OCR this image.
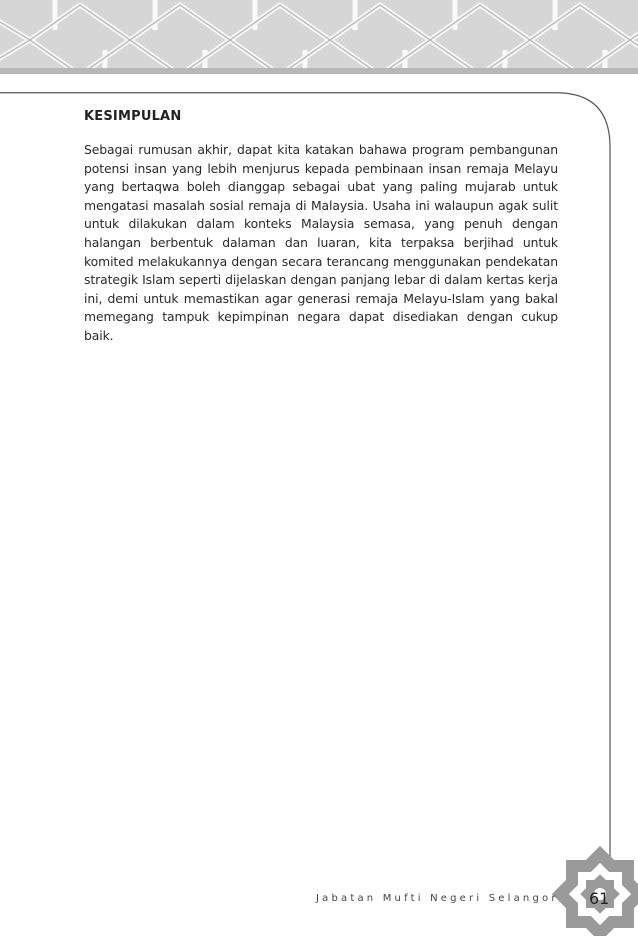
KESIMPULAN

Sebagai rumusan akhir, dapat kita katakan bahawa program pembangunan potensi insan yang lebih menjurus kepada pembinaan insan remaja Melayu yang bertaqwa boleh dianggap sebagai ubat yang paling mujarab untuk mengatasi masalah sosial remaja di Malaysia. Usaha ini walaupun agak sulit untuk dilakukan dalam konteks Malaysia semasa, yang penuh dengan halangan berbentuk dalaman dan luaran, kita terpaksa berjihad untuk komited melakukannya dengan secara terancang menggunakan pendekatan strategik Islam seperti dijelaskan dengan panjang lebar di dalam kertas kerja ini, demi untuk memastikan agar generasi remaja Melayu-Islam yang bakal memegang tampuk kepimpinan negara dapat disediakan dengan cukup baik.

Jabatan Mufti Negeri Selangor 61
